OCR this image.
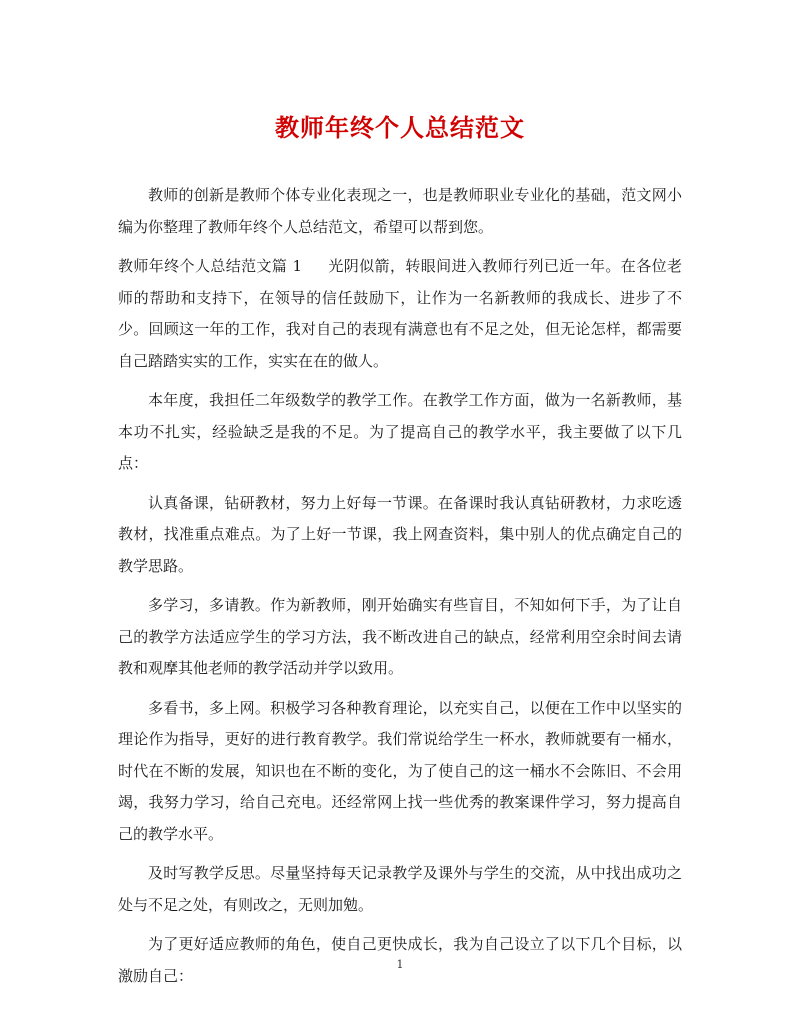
教师年终个人总结范文

教师的创新是教师个体专业化表现之一，也是教师职业专业化的基础，范文网小编为你整理了教师年终个人总结范文，希望可以帮到您。

教师年终个人总结范文篇 1 光阴似箭，转眼间进入教师行列已近一年。在各位老师的帮助和支持下，在领导的信任鼓励下，让作为一名新教师的我成长、进步了不少。回顾这一年的工作，我对自己的表现有满意也有不足之处，但无论怎样，都需要自己踏踏实实的工作，实实在在的做人。

本年度，我担任二年级数学的教学工作。在教学工作方面，做为一名新教师，基本功不扎实，经验缺乏是我的不足。为了提高自己的教学水平，我主要做了以下几点：

认真备课，钻研教材，努力上好每一节课。在备课时我认真钻研教材，力求吃透教材，找准重点难点。为了上好一节课，我上网查资料，集中别人的优点确定自己的教学思路。

多学习，多请教。作为新教师，刚开始确实有些盲目，不知如何下手，为了让自己的教学方法适应学生的学习方法，我不断改进自己的缺点，经常利用空余时间去请教和观摩其他老师的教学活动并学以致用。

多看书，多上网。积极学习各种教育理论，以充实自己，以便在工作中以坚实的理论作为指导，更好的进行教育教学。我们常说给学生一杯水，教师就要有一桶水，时代在不断的发展，知识也在不断的变化，为了使自己的这一桶水不会陈旧、不会用竭，我努力学习，给自己充电。还经常网上找一些优秀的教案课件学习，努力提高自己的教学水平。

及时写教学反思。尽量坚持每天记录教学及课外与学生的交流，从中找出成功之处与不足之处，有则改之，无则加勉。

为了更好适应教师的角色，使自己更快成长，我为自己设立了以下几个目标，以激励自己：

1
